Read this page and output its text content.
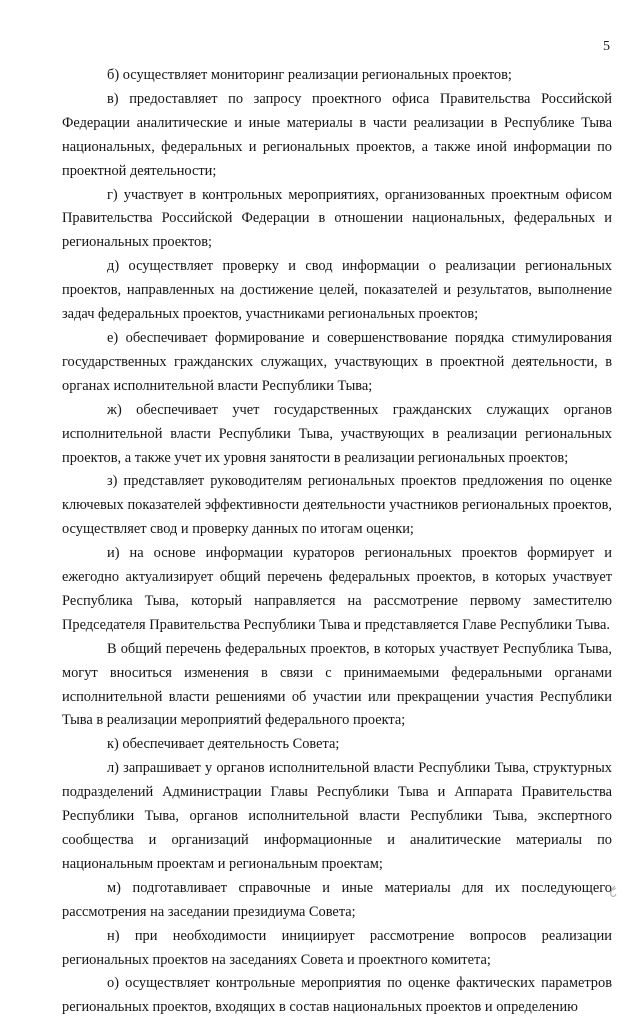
5

б) осуществляет мониторинг реализации региональных проектов;

в) предоставляет по запросу проектного офиса Правительства Российской Федерации аналитические и иные материалы в части реализации в Республике Тыва национальных, федеральных и региональных проектов, а также иной информации по проектной деятельности;

г) участвует в контрольных мероприятиях, организованных проектным офисом Правительства Российской Федерации в отношении национальных, федеральных и региональных проектов;

д) осуществляет проверку и свод информации о реализации региональных проектов, направленных на достижение целей, показателей и результатов, выполнение задач федеральных проектов, участниками региональных проектов;

е) обеспечивает формирование и совершенствование порядка стимулирования государственных гражданских служащих, участвующих в проектной деятельности, в органах исполнительной власти Республики Тыва;

ж) обеспечивает учет государственных гражданских служащих органов исполнительной власти Республики Тыва, участвующих в реализации региональных проектов, а также учет их уровня занятости в реализации региональных проектов;

з) представляет руководителям региональных проектов предложения по оценке ключевых показателей эффективности деятельности участников региональных проектов, осуществляет свод и проверку данных по итогам оценки;

и) на основе информации кураторов региональных проектов формирует и ежегодно актуализирует общий перечень федеральных проектов, в которых участвует Республика Тыва, который направляется на рассмотрение первому заместителю Председателя Правительства Республики Тыва и представляется Главе Республики Тыва.

В общий перечень федеральных проектов, в которых участвует Республика Тыва, могут вноситься изменения в связи с принимаемыми федеральными органами исполнительной власти решениями об участии или прекращении участия Республики Тыва в реализации мероприятий федерального проекта;

к) обеспечивает деятельность Совета;

л) запрашивает у органов исполнительной власти Республики Тыва, структурных подразделений Администрации Главы Республики Тыва и Аппарата Правительства Республики Тыва, органов исполнительной власти Республики Тыва, экспертного сообщества и организаций информационные и аналитические материалы по национальным проектам и региональным проектам;

м) подготавливает справочные и иные материалы для их последующего рассмотрения на заседании президиума Совета;

н) при необходимости инициирует рассмотрение вопросов реализации региональных проектов на заседаниях Совета и проектного комитета;

о) осуществляет контрольные мероприятия по оценке фактических параметров региональных проектов, входящих в состав национальных проектов и определению
